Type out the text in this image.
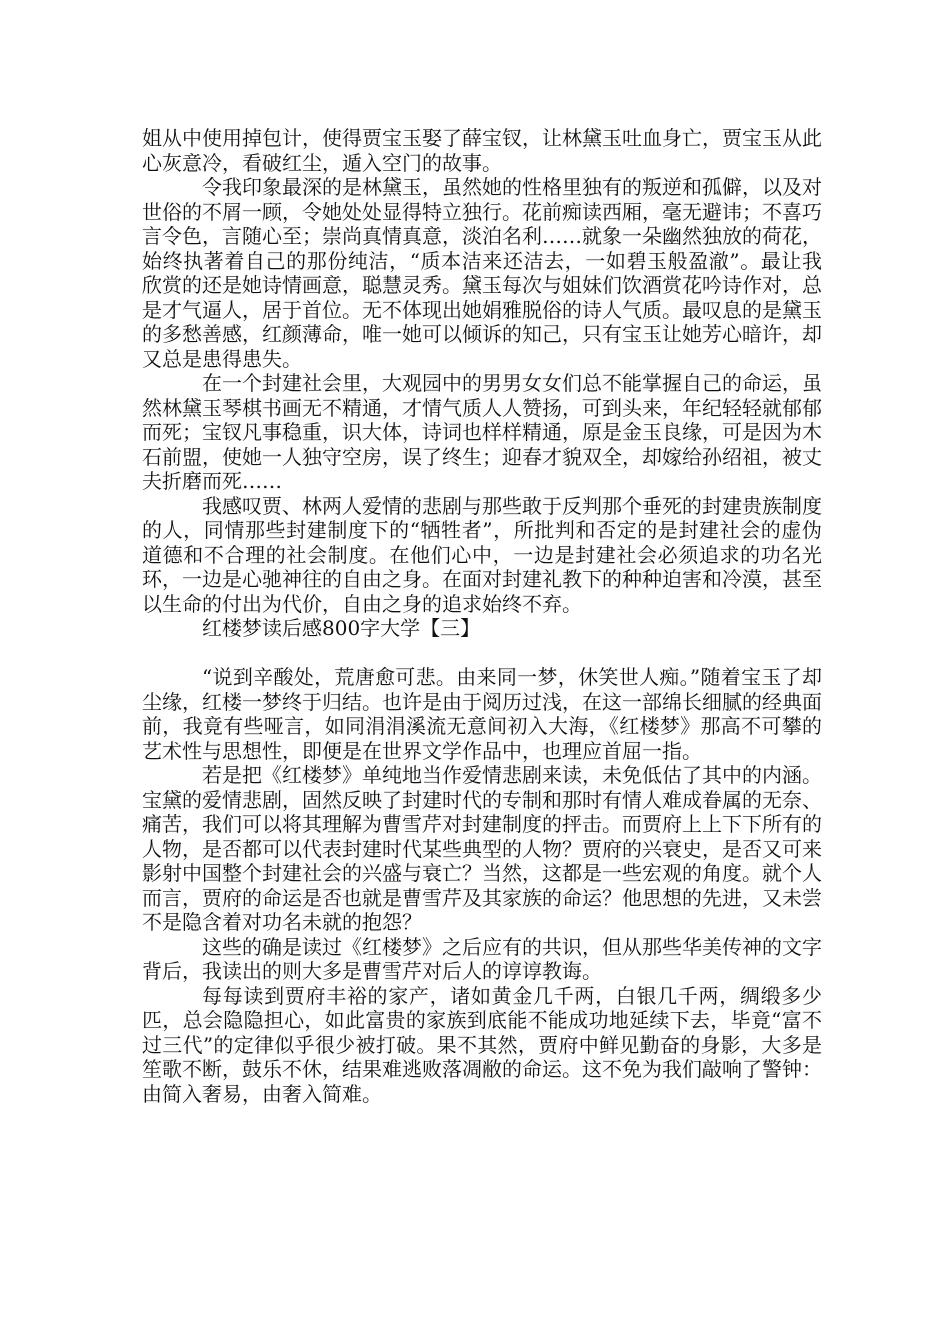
姐从中使用掉包计，使得贾宝玉娶了薛宝钗，让林黛玉吐血身亡，贾宝玉从此心灰意冷，看破红尘，遁入空门的故事。

令我印象最深的是林黛玉，虽然她的性格里独有的叛逆和孤僻，以及对世俗的不屑一顾，令她处处显得特立独行。花前痴读西厢，毫无避讳；不喜巧言令色，言随心至；崇尚真情真意，淡泊名利……就象一朵幽然独放的荷花，始终执著着自己的那份纯洁，“质本洁来还洁去，一如碧玉般盈澈”。最让我欣赏的还是她诗情画意，聪慧灵秀。黛玉每次与姐妹们饮酒赏花吟诗作对，总是才气逼人，居于首位。无不体现出她娟雅脱俗的诗人气质。最叹息的是黛玉的多愁善感，红颜薄命，唯一她可以倾诉的知己，只有宝玉让她芳心暗许，却又总是患得患失。

在一个封建社会里，大观园中的男男女女们总不能掌握自己的命运，虽然林黛玉琴棋书画无不精通，才情气质人人赞扬，可到头来，年纪轻轻就郁郁而死；宝钗凡事稳重，识大体，诗词也样样精通，原是金玉良缘，可是因为木石前盟，使她一人独守空房，误了终生；迎春才貌双全，却嫁给孙绍祖，被丈夫折磨而死……

我感叹贾、林两人爱情的悲剧与那些敢于反判那个垂死的封建贵族制度的人，同情那些封建制度下的“牺牲者”，所批判和否定的是封建社会的虚伪道德和不合理的社会制度。在他们心中，一边是封建社会必须追求的功名光环，一边是心驰神往的自由之身。在面对封建礼教下的种种迫害和冷漠，甚至以生命的付出为代价，自由之身的追求始终不弃。

红楼梦读后感800字大学【三】

“说到辛酸处，荒唐愈可悲。由来同一梦，休笑世人痴。”随着宝玉了却尘缘，红楼一梦终于归结。也许是由于阅历过浅，在这一部绵长细腻的经典面前，我竟有些哑言，如同涓涓溪流无意间初入大海，《红楼梦》那高不可攀的艺术性与思想性，即便是在世界文学作品中，也理应首屈一指。

若是把《红楼梦》单纯地当作爱情悲剧来读，未免低估了其中的内涵。宝黛的爱情悲剧，固然反映了封建时代的专制和那时有情人难成眷属的无奈、痛苦，我们可以将其理解为曹雪芹对封建制度的抨击。而贾府上上下下所有的人物，是否都可以代表封建时代某些典型的人物？贾府的兴衰史，是否又可来影射中国整个封建社会的兴盛与衰亡？当然，这都是一些宏观的角度。就个人而言，贾府的命运是否也就是曹雪芹及其家族的命运？他思想的先进，又未尝不是隐含着对功名未就的抱怨？

这些的确是读过《红楼梦》之后应有的共识，但从那些华美传神的文字背后，我读出的则大多是曹雪芹对后人的谆谆教诲。

每每读到贾府丰裕的家产，诸如黄金几千两，白银几千两，绸缎多少匹，总会隐隐担心，如此富贵的家族到底能不能成功地延续下去，毕竟“富不过三代”的定律似乎很少被打破。果不其然，贾府中鲜见勤奋的身影，大多是笙歌不断，鼓乐不休，结果难逃败落凋敝的命运。这不免为我们敲响了警钟：由简入奢易，由奢入简难。
